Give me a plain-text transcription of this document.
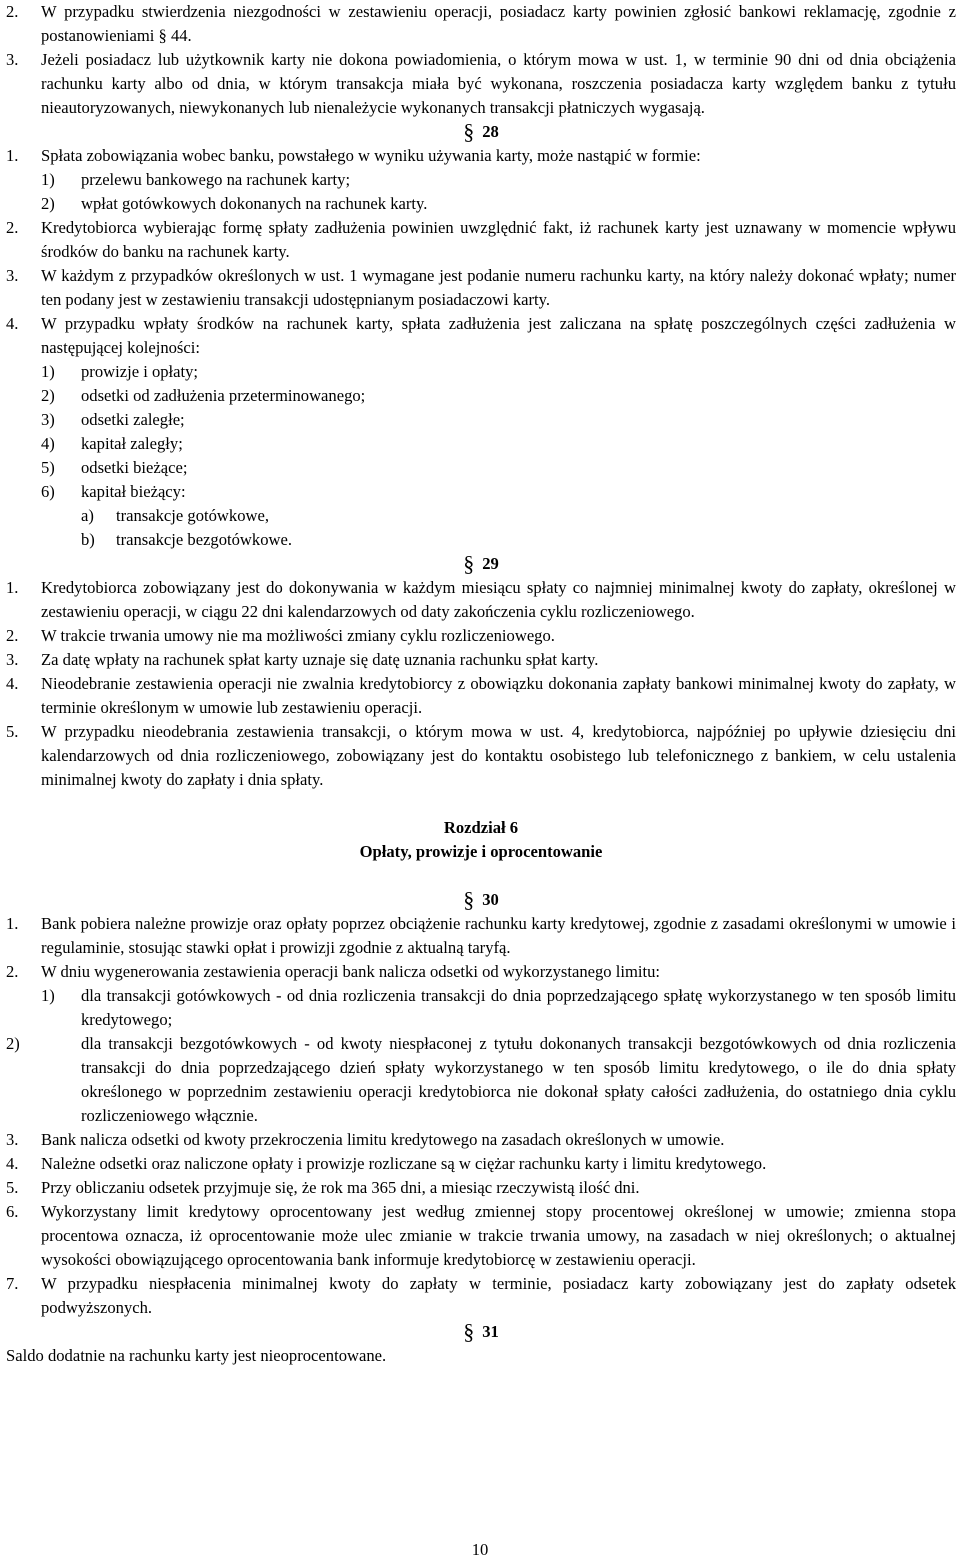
2.	W przypadku stwierdzenia niezgodności w zestawieniu operacji, posiadacz karty powinien zgłosić bankowi reklamację, zgodnie z postanowieniami § 44.
3.	Jeżeli posiadacz lub użytkownik karty nie dokona powiadomienia, o którym mowa w ust. 1, w terminie 90 dni od dnia obciążenia rachunku karty albo od dnia, w którym transakcja miała być wykonana, roszczenia posiadacza karty względem banku z tytułu nieautoryzowanych, niewykonanych lub nienależycie wykonanych transakcji płatniczych wygasają.

§ 28

1.	Spłata zobowiązania wobec banku, powstałego w wyniku używania karty, może nastąpić w formie:
1)	przelewu bankowego na rachunek karty;
2)	wpłat gotówkowych dokonanych na rachunek karty.
2.	Kredytobiorca wybierając formę spłaty zadłużenia powinien uwzględnić fakt, iż rachunek karty jest uznawany w momencie wpływu środków do banku na rachunek karty.
3.	W każdym z przypadków określonych w ust. 1 wymagane jest podanie numeru rachunku karty, na który należy dokonać wpłaty; numer ten podany jest w zestawieniu transakcji udostępnianym posiadaczowi karty.
4.	W przypadku wpłaty środków na rachunek karty, spłata zadłużenia jest zaliczana na spłatę poszczególnych części zadłużenia w następującej kolejności:
1)	prowizje i opłaty;
2)	odsetki od zadłużenia przeterminowanego;
3)	odsetki zaległe;
4)	kapitał zaległy;
5)	odsetki bieżące;
6)	kapitał bieżący:
a)	transakcje gotówkowe,
b)	transakcje bezgotówkowe.

§ 29

1.	Kredytobiorca zobowiązany jest do dokonywania w każdym miesiącu spłaty co najmniej minimalnej kwoty do zapłaty, określonej w zestawieniu operacji, w ciągu 22 dni kalendarzowych od daty zakończenia cyklu rozliczeniowego.
2.	W trakcie trwania umowy nie ma możliwości zmiany cyklu rozliczeniowego.
3.	Za datę wpłaty na rachunek spłat karty uznaje się datę uznania rachunku spłat karty.
4.	Nieodebranie zestawienia operacji nie zwalnia kredytobiorcy z obowiązku dokonania zapłaty bankowi minimalnej kwoty do zapłaty, w terminie określonym w umowie lub zestawieniu operacji.
5.	W przypadku nieodebrania zestawienia transakcji, o którym mowa w ust. 4, kredytobiorca, najpóźniej po upływie dziesięciu dni kalendarzowych od dnia rozliczeniowego, zobowiązany jest do kontaktu osobistego lub telefonicznego z bankiem, w celu ustalenia minimalnej kwoty do zapłaty i dnia spłaty.

Rozdział 6

Opłaty, prowizje i oprocentowanie

§ 30

1.	Bank pobiera należne prowizje oraz opłaty poprzez obciążenie rachunku karty kredytowej, zgodnie z zasadami określonymi w umowie i regulaminie, stosując stawki opłat i prowizji zgodnie z aktualną taryfą.
2.	W dniu wygenerowania zestawienia operacji bank nalicza odsetki od wykorzystanego limitu:
1)	dla transakcji gotówkowych - od dnia rozliczenia transakcji do dnia poprzedzającego spłatę wykorzystanego w ten sposób limitu kredytowego;
2)	dla transakcji bezgotówkowych - od kwoty niespłaconej z tytułu dokonanych transakcji bezgotówkowych od dnia rozliczenia transakcji do dnia poprzedzającego dzień spłaty wykorzystanego w ten sposób limitu kredytowego, o ile do dnia spłaty określonego w poprzednim zestawieniu operacji kredytobiorca nie dokonał spłaty całości zadłużenia, do ostatniego dnia cyklu rozliczeniowego włącznie.
3.	Bank nalicza odsetki od kwoty przekroczenia limitu kredytowego na zasadach określonych w umowie.
4.	Należne odsetki oraz naliczone opłaty i prowizje rozliczane są w ciężar rachunku karty i limitu kredytowego.
5.	Przy obliczaniu odsetek przyjmuje się, że rok ma 365 dni, a miesiąc rzeczywistą ilość dni.
6.	Wykorzystany limit kredytowy oprocentowany jest według zmiennej stopy procentowej określonej w umowie; zmienna stopa procentowa oznacza, iż oprocentowanie może ulec zmianie w trakcie trwania umowy, na zasadach w niej określonych; o aktualnej wysokości obowiązującego oprocentowania bank informuje kredytobiorcę w zestawieniu operacji.
7.	W przypadku niespłacenia minimalnej kwoty do zapłaty w terminie, posiadacz karty zobowiązany jest do zapłaty odsetek podwyższonych.

§ 31

Saldo dodatnie na rachunku karty jest nieoprocentowane.

10
